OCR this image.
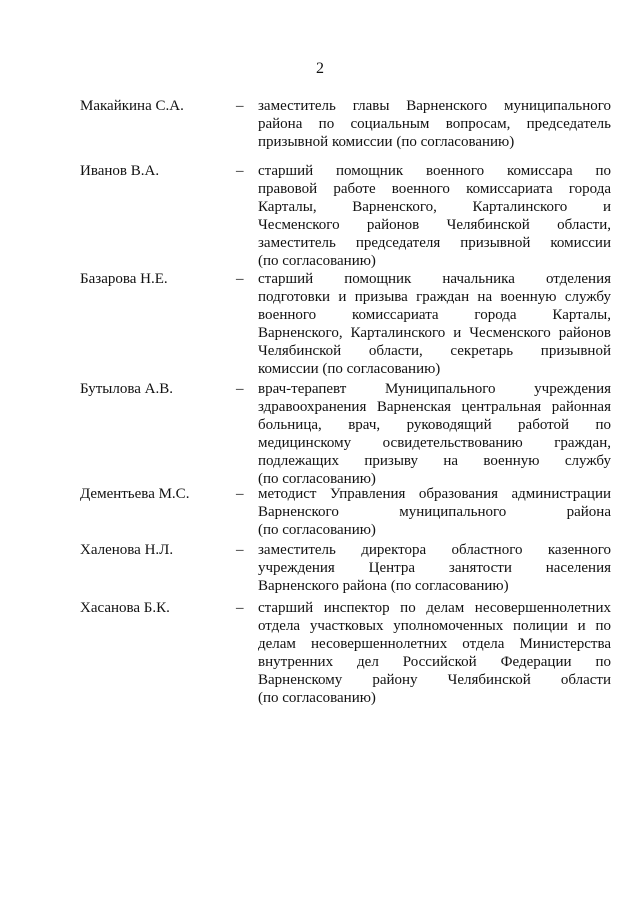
2
Макайкина С.А.	– заместитель главы Варненского муниципального
района по социальным вопросам, председатель
призывной комиссии (по согласованию)
Иванов В.А.	– старший помощник военного комиссара по
правовой работе военного комиссариата города
Карталы, Варненского, Карталинского и
Чесменского районов Челябинской области,
заместитель председателя призывной комиссии
(по согласованию)
Базарова Н.Е.	– старший помощник начальника отделения
подготовки и призыва граждан на военную службу
военного комиссариата города Карталы,
Варненского, Карталинского и Чесменского районов
Челябинской области, секретарь призывной
комиссии (по согласованию)
Бутылова А.В.	– врач-терапевт Муниципального учреждения
здравоохранения Варненская центральная районная
больница, врач, руководящий работой по
медицинскому освидетельствованию граждан,
подлежащих призыву на военную службу
(по согласованию)
Дементьева М.С.	– методист Управления образования администрации
Варненского муниципального района
(по согласованию)
Халенова Н.Л.	– заместитель директора областного казенного
учреждения Центра занятости населения
Варненского района (по согласованию)
Хасанова Б.К.	– старший инспектор по делам несовершеннолетних
отдела участковых уполномоченных полиции и по
делам несовершеннолетних отдела Министерства
внутренних дел Российской Федерации по
Варненскому району Челябинской области
(по согласованию)
